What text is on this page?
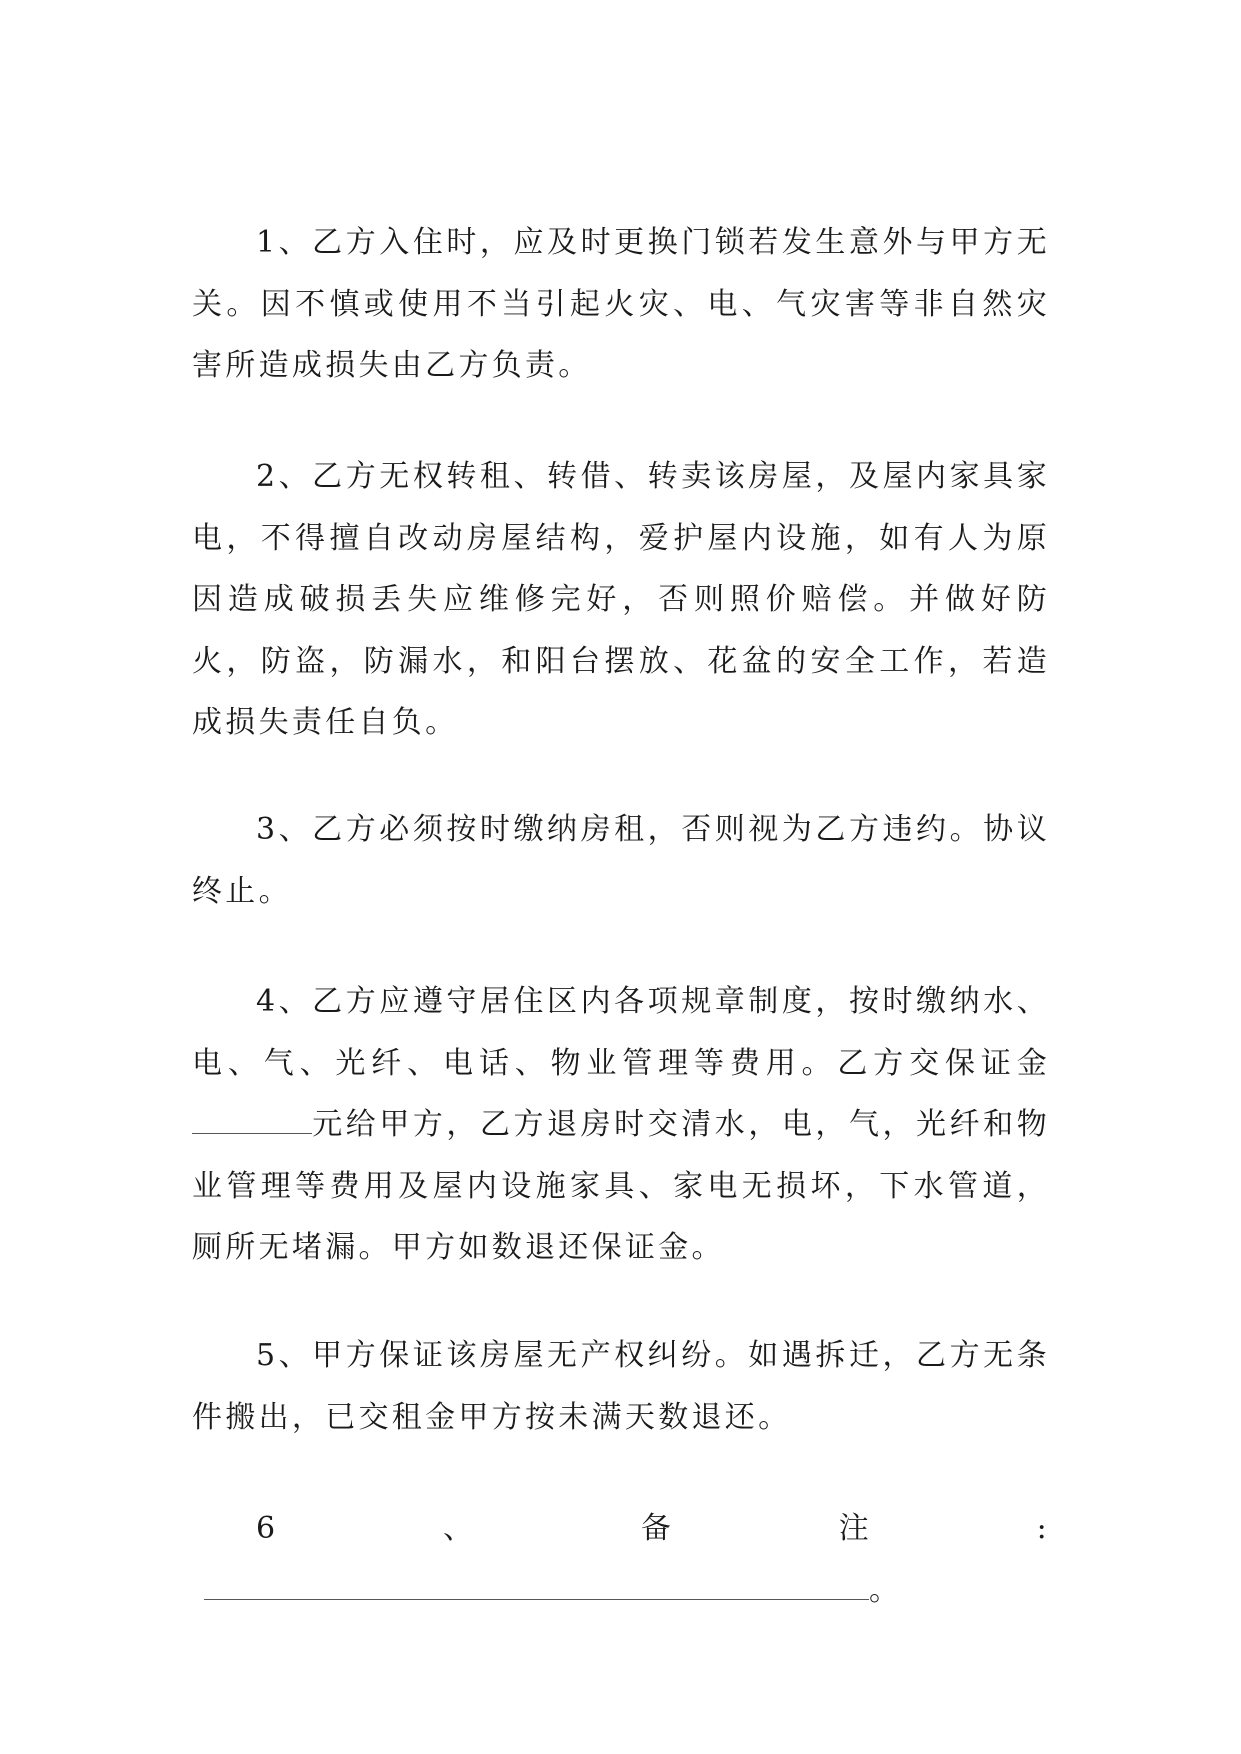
1、乙方入住时，应及时更换门锁若发生意外与甲方无关。因不慎或使用不当引起火灾、电、气灾害等非自然灾害所造成损失由乙方负责。

2、乙方无权转租、转借、转卖该房屋，及屋内家具家电，不得擅自改动房屋结构，爱护屋内设施，如有人为原因造成破损丢失应维修完好，否则照价赔偿。并做好防火，防盗，防漏水，和阳台摆放、花盆的安全工作，若造成损失责任自负。

3、乙方必须按时缴纳房租，否则视为乙方违约。协议终止。

4、乙方应遵守居住区内各项规章制度，按时缴纳水、电、气、光纤、电话、物业管理等费用。乙方交保证金元给甲方，乙方退房时交清水，电，气，光纤和物业管理等费用及屋内设施家具、家电无损坏，下水管道，厕所无堵漏。甲方如数退还保证金。

5、甲方保证该房屋无产权纠纷。如遇拆迁，乙方无条件搬出，已交租金甲方按未满天数退还。

6、备注:。
